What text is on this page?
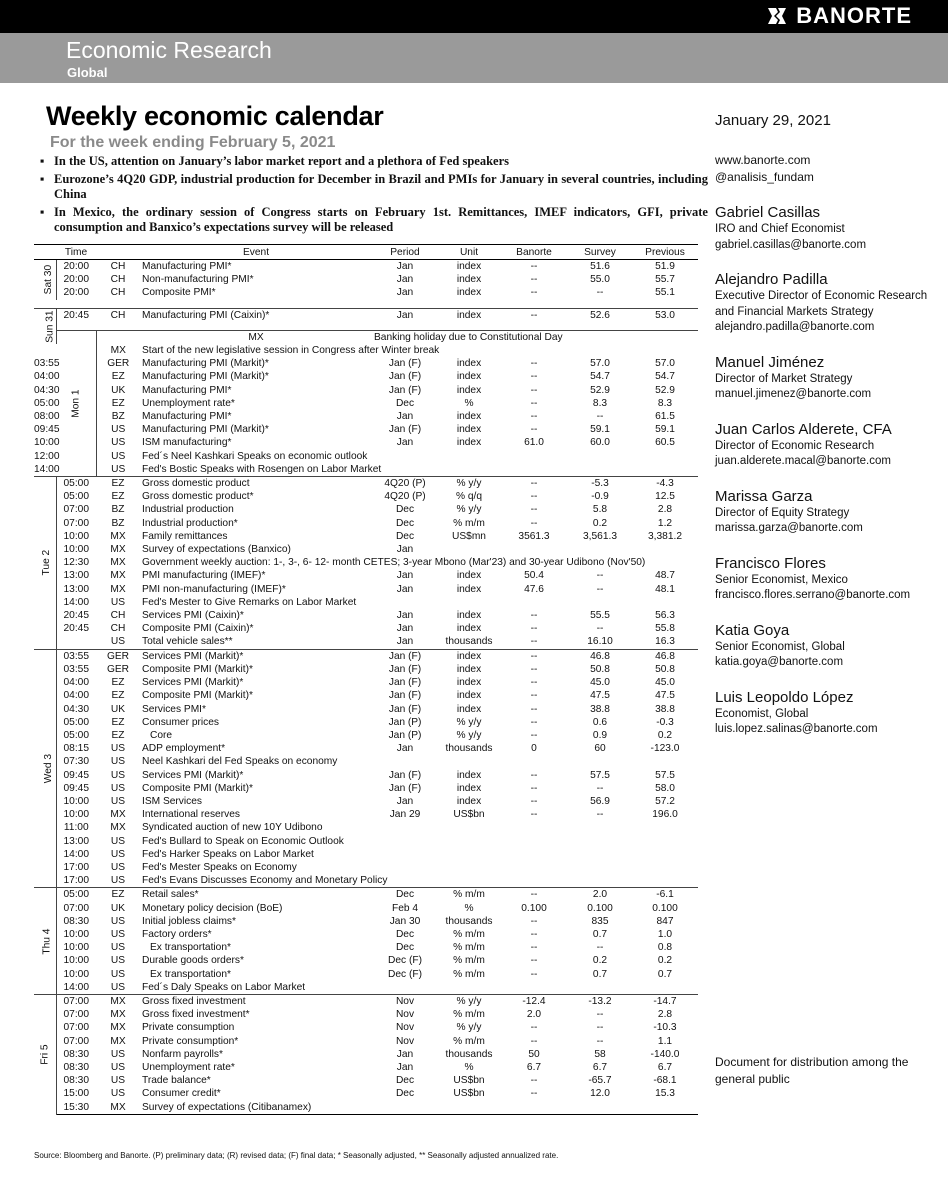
BANORTE
Economic Research
Global
Weekly economic calendar
For the week ending February 5, 2021
▪ In the US, attention on January’s labor market report and a plethora of Fed speakers
▪ Eurozone’s 4Q20 GDP, industrial production for December in Brazil and PMIs for January in several countries, including China
▪ In Mexico, the ordinary session of Congress starts on February 1st. Remittances, IMEF indicators, GFI, private consumption and Banxico’s expectations survey will be released
	Time		Event	Period	Unit	Banorte	Survey	Previous
Sat 30	20:00	CH	Manufacturing PMI*	Jan	index	--	51.6	51.9
	20:00	CH	Non-manufacturing PMI*	Jan	index	--	55.0	55.7
	20:00	CH	Composite PMI*	Jan	index	--	--	55.1

Sun 31	20:45	CH	Manufacturing PMI (Caixin)*	Jan	index	--	52.6	53.0

	Mon 1		MX	Banking holiday due to Constitutional Day				
		MX	Start of the new legislative session in Congress after Winter break					
03:55		GER	Manufacturing PMI (Markit)*	Jan (F)	index	--	57.0	57.0
04:00		EZ	Manufacturing PMI (Markit)*	Jan (F)	index	--	54.7	54.7
04:30		UK	Manufacturing PMI*	Jan (F)	index	--	52.9	52.9
05:00		EZ	Unemployment rate*	Dec	%	--	8.3	8.3
08:00		BZ	Manufacturing PMI*	Jan	index	--	--	61.5
09:45		US	Manufacturing PMI (Markit)*	Jan (F)	index	--	59.1	59.1
10:00		US	ISM manufacturing*	Jan	index	61.0	60.0	60.5
12:00		US	Fed´s Neel Kashkari Speaks on economic outlook					
14:00		US	Fed's Bostic Speaks with Rosengen on Labor Market					
Tue 2	05:00	EZ	Gross domestic product	4Q20 (P)	% y/y	--	-5.3	-4.3
	05:00	EZ	Gross domestic product*	4Q20 (P)	% q/q	--	-0.9	12.5
	07:00	BZ	Industrial production	Dec	% y/y	--	5.8	2.8
	07:00	BZ	Industrial production*	Dec	% m/m	--	0.2	1.2
	10:00	MX	Family remittances	Dec	US$mn	3561.3	3,561.3	3,381.2
	10:00	MX	Survey of expectations (Banxico)	Jan				
	12:30	MX	Government weekly auction: 1-, 3-, 6- 12- month CETES; 3-year Mbono (Mar'23) and 30-year Udibono (Nov'50)					
	13:00	MX	PMI manufacturing (IMEF)*	Jan	index	50.4	--	48.7
	13:00	MX	PMI non-manufacturing (IMEF)*	Jan	index	47.6	--	48.1
	14:00	US	Fed's Mester to Give Remarks on Labor Market					
	20:45	CH	Services PMI (Caixin)*	Jan	index	--	55.5	56.3
	20:45	CH	Composite PMI (Caixin)*	Jan	index	--	--	55.8
		US	Total vehicle sales**	Jan	thousands	--	16.10	16.3
Wed 3	03:55	GER	Services PMI (Markit)*	Jan (F)	index	--	46.8	46.8
	03:55	GER	Composite PMI (Markit)*	Jan (F)	index	--	50.8	50.8
	04:00	EZ	Services PMI (Markit)*	Jan (F)	index	--	45.0	45.0
	04:00	EZ	Composite PMI (Markit)*	Jan (F)	index	--	47.5	47.5
	04:30	UK	Services PMI*	Jan (F)	index	--	38.8	38.8
	05:00	EZ	Consumer prices	Jan (P)	% y/y	--	0.6	-0.3
	05:00	EZ	Core	Jan (P)	% y/y	--	0.9	0.2
	08:15	US	ADP employment*	Jan	thousands	0	60	-123.0
	07:30	US	Neel Kashkari del Fed Speaks on economy					
	09:45	US	Services PMI (Markit)*	Jan (F)	index	--	57.5	57.5
	09:45	US	Composite PMI (Markit)*	Jan (F)	index	--	--	58.0
	10:00	US	ISM Services	Jan	index	--	56.9	57.2
	10:00	MX	International reserves	Jan 29	US$bn	--	--	196.0
	11:00	MX	Syndicated auction of new 10Y Udibono					
	13:00	US	Fed's Bullard to Speak on Economic Outlook					
	14:00	US	Fed's Harker Speaks on Labor Market					
	17:00	US	Fed's Mester Speaks on Economy					
	17:00	US	Fed's Evans Discusses Economy and Monetary Policy					
Thu 4	05:00	EZ	Retail sales*	Dec	% m/m	--	2.0	-6.1
	07:00	UK	Monetary policy decision (BoE)	Feb 4	%	0.100	0.100	0.100
	08:30	US	Initial jobless claims*	Jan 30	thousands	--	835	847
	10:00	US	Factory orders*	Dec	% m/m	--	0.7	1.0
	10:00	US	Ex transportation*	Dec	% m/m	--	--	0.8
	10:00	US	Durable goods orders*	Dec (F)	% m/m	--	0.2	0.2
	10:00	US	Ex transportation*	Dec (F)	% m/m	--	0.7	0.7
	14:00	US	Fed´s Daly Speaks on Labor Market					
Fri 5	07:00	MX	Gross fixed investment	Nov	% y/y	-12.4	-13.2	-14.7
	07:00	MX	Gross fixed investment*	Nov	% m/m	2.0	--	2.8
	07:00	MX	Private consumption	Nov	% y/y	--	--	-10.3
	07:00	MX	Private consumption*	Nov	% m/m	--	--	1.1
	08:30	US	Nonfarm payrolls*	Jan	thousands	50	58	-140.0
	08:30	US	Unemployment rate*	Jan	%	6.7	6.7	6.7
	08:30	US	Trade balance*	Dec	US$bn	--	-65.7	-68.1
	15:00	US	Consumer credit*	Dec	US$bn	--	12.0	15.3
	15:30	MX	Survey of expectations (Citibanamex)					
Source: Bloomberg and Banorte. (P) preliminary data; (R) revised data; (F) final data; * Seasonally adjusted, ** Seasonally adjusted annualized rate.
January 29, 2021
www.banorte.com
@analisis_fundam
Gabriel Casillas
IRO and Chief Economist
gabriel.casillas@banorte.com
Alejandro Padilla
Executive Director of Economic Research and Financial Markets Strategy
alejandro.padilla@banorte.com
Manuel Jiménez
Director of Market Strategy
manuel.jimenez@banorte.com
Juan Carlos Alderete, CFA
Director of Economic Research
juan.alderete.macal@banorte.com
Marissa Garza
Director of Equity Strategy
marissa.garza@banorte.com
Francisco Flores
Senior Economist, Mexico
francisco.flores.serrano@banorte.com
Katia Goya
Senior Economist, Global
katia.goya@banorte.com
Luis Leopoldo López
Economist, Global
luis.lopez.salinas@banorte.com
Document for distribution among the general public
